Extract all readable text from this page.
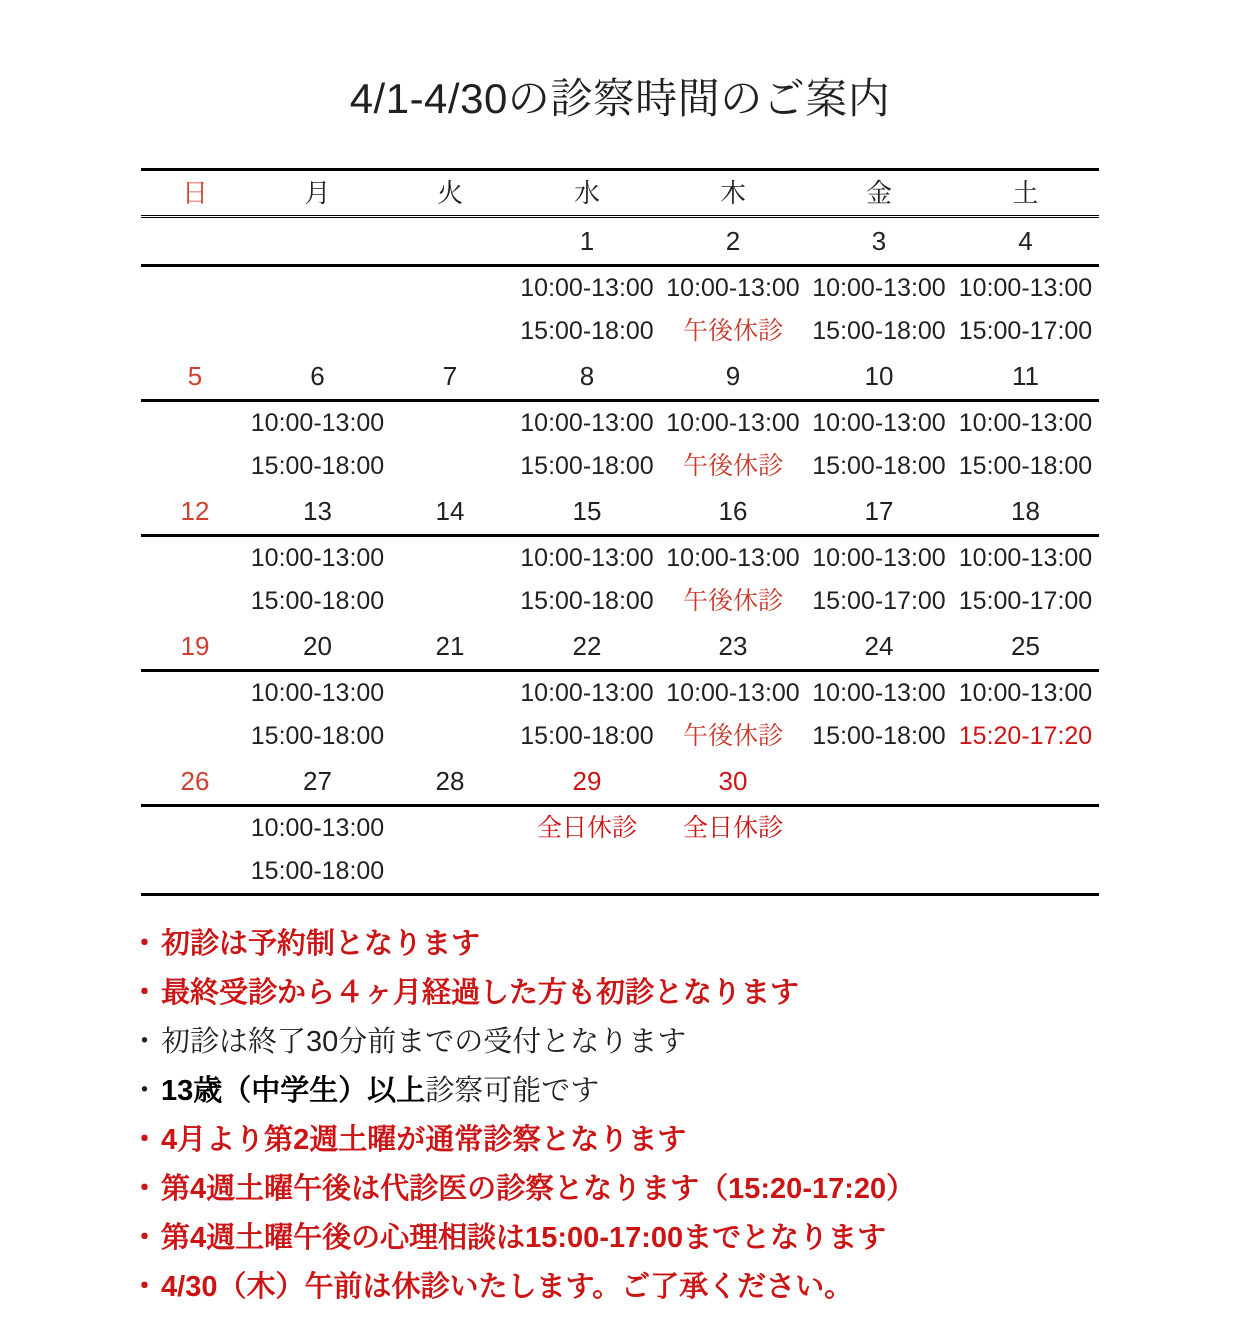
4/1-4/30の診察時間のご案内
日	月	火	水	木	金	土
			1	2	3	4
			10:00-13:00	10:00-13:00	10:00-13:00	10:00-13:00
			15:00-18:00	午後休診	15:00-18:00	15:00-17:00
5	6	7	8	9	10	11
	10:00-13:00		10:00-13:00	10:00-13:00	10:00-13:00	10:00-13:00
	15:00-18:00		15:00-18:00	午後休診	15:00-18:00	15:00-18:00
12	13	14	15	16	17	18
	10:00-13:00		10:00-13:00	10:00-13:00	10:00-13:00	10:00-13:00
	15:00-18:00		15:00-18:00	午後休診	15:00-17:00	15:00-17:00
19	20	21	22	23	24	25
	10:00-13:00		10:00-13:00	10:00-13:00	10:00-13:00	10:00-13:00
	15:00-18:00		15:00-18:00	午後休診	15:00-18:00	15:20-17:20
26	27	28	29	30		
	10:00-13:00		全日休診	全日休診		
	15:00-18:00					
・初診は予約制となります
・最終受診から４ヶ月経過した方も初診となります
・初診は終了30分前までの受付となります
・13歳（中学生）以上診察可能です
・4月より第2週土曜が通常診察となります
・第4週土曜午後は代診医の診察となります（15:20-17:20）
・第4週土曜午後の心理相談は15:00-17:00までとなります
・4/30（木）午前は休診いたします。ご了承ください。
